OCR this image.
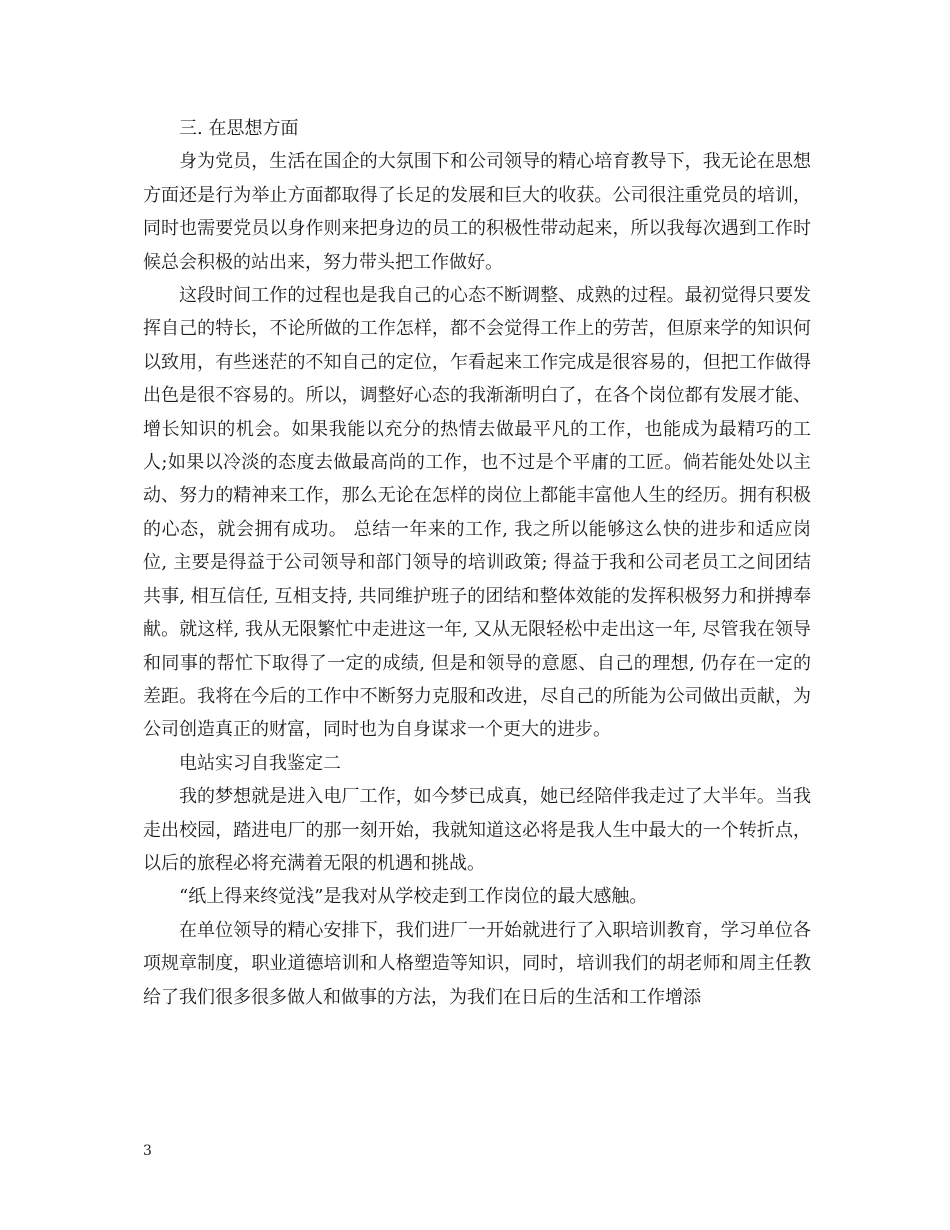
三. 在思想方面

身为党员，生活在国企的大氛围下和公司领导的精心培育教导下，我无论在思想方面还是行为举止方面都取得了长足的发展和巨大的收获。公司很注重党员的培训，同时也需要党员以身作则来把身边的员工的积极性带动起来，所以我每次遇到工作时候总会积极的站出来，努力带头把工作做好。

这段时间工作的过程也是我自己的心态不断调整、成熟的过程。最初觉得只要发挥自己的特长，不论所做的工作怎样，都不会觉得工作上的劳苦，但原来学的知识何以致用，有些迷茫的不知自己的定位，乍看起来工作完成是很容易的，但把工作做得出色是很不容易的。所以，调整好心态的我渐渐明白了，在各个岗位都有发展才能、增长知识的机会。如果我能以充分的热情去做最平凡的工作，也能成为最精巧的工人;如果以冷淡的态度去做最高尚的工作，也不过是个平庸的工匠。倘若能处处以主动、努力的精神来工作，那么无论在怎样的岗位上都能丰富他人生的经历。拥有积极的心态，就会拥有成功。 总结一年来的工作, 我之所以能够这么快的进步和适应岗位, 主要是得益于公司领导和部门领导的培训政策; 得益于我和公司老员工之间团结共事, 相互信任, 互相支持, 共同维护班子的团结和整体效能的发挥积极努力和拼搏奉献。就这样, 我从无限繁忙中走进这一年, 又从无限轻松中走出这一年, 尽管我在领导和同事的帮忙下取得了一定的成绩, 但是和领导的意愿、自己的理想, 仍存在一定的差距。我将在今后的工作中不断努力克服和改进，尽自己的所能为公司做出贡献，为公司创造真正的财富，同时也为自身谋求一个更大的进步。

电站实习自我鉴定二

我的梦想就是进入电厂工作，如今梦已成真，她已经陪伴我走过了大半年。当我走出校园，踏进电厂的那一刻开始，我就知道这必将是我人生中最大的一个转折点，以后的旅程必将充满着无限的机遇和挑战。

“纸上得来终觉浅”是我对从学校走到工作岗位的最大感触。

在单位领导的精心安排下，我们进厂一开始就进行了入职培训教育，学习单位各项规章制度，职业道德培训和人格塑造等知识，同时，培训我们的胡老师和周主任教给了我们很多很多做人和做事的方法，为我们在日后的生活和工作增添

3
